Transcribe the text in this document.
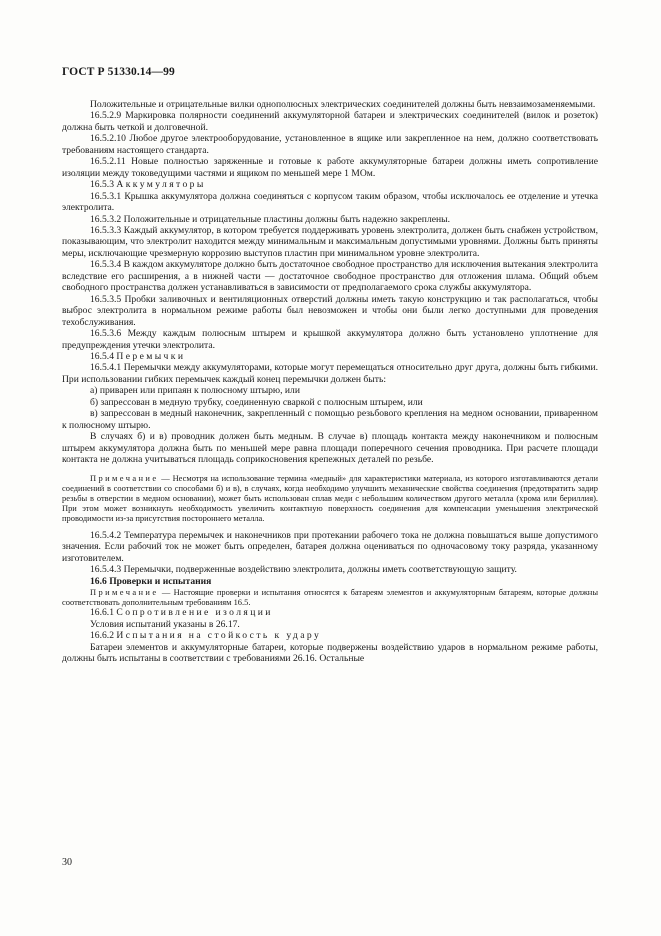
ГОСТ Р 51330.14—99

Положительные и отрицательные вилки однополюсных электрических соединителей должны быть невзаимозаменяемыми.

16.5.2.9 Маркировка полярности соединений аккумуляторной батареи и электрических соединителей (вилок и розеток) должна быть четкой и долговечной.

16.5.2.10 Любое другое электрооборудование, установленное в ящике или закрепленное на нем, должно соответствовать требованиям настоящего стандарта.

16.5.2.11 Новые полностью заряженные и готовые к работе аккумуляторные батареи должны иметь сопротивление изоляции между токоведущими частями и ящиком по меньшей мере 1 МОм.

16.5.3 Аккумуляторы

16.5.3.1 Крышка аккумулятора должна соединяться с корпусом таким образом, чтобы исключалось ее отделение и утечка электролита.

16.5.3.2 Положительные и отрицательные пластины должны быть надежно закреплены.

16.5.3.3 Каждый аккумулятор, в котором требуется поддерживать уровень электролита, должен быть снабжен устройством, показывающим, что электролит находится между минимальным и максимальным допустимыми уровнями. Должны быть приняты меры, исключающие чрезмерную коррозию выступов пластин при минимальном уровне электролита.

16.5.3.4 В каждом аккумуляторе должно быть достаточное свободное пространство для исключения вытекания электролита вследствие его расширения, а в нижней части — достаточное свободное пространство для отложения шлама. Общий объем свободного пространства должен устанавливаться в зависимости от предполагаемого срока службы аккумулятора.

16.5.3.5 Пробки заливочных и вентиляционных отверстий должны иметь такую конструкцию и так располагаться, чтобы выброс электролита в нормальном режиме работы был невозможен и чтобы они были легко доступными для проведения техобслуживания.

16.5.3.6 Между каждым полюсным штырем и крышкой аккумулятора должно быть установлено уплотнение для предупреждения утечки электролита.

16.5.4 Перемычки

16.5.4.1 Перемычки между аккумуляторами, которые могут перемещаться относительно друг друга, должны быть гибкими. При использовании гибких перемычек каждый конец перемычки должен быть:

а) приварен или припаян к полюсному штырю, или

б) запрессован в медную трубку, соединенную сваркой с полюсным штырем, или

в) запрессован в медный наконечник, закрепленный с помощью резьбового крепления на медном основании, приваренном к полюсному штырю.

В случаях б) и в) проводник должен быть медным. В случае в) площадь контакта между наконечником и полюсным штырем аккумулятора должна быть по меньшей мере равна площади поперечного сечения проводника. При расчете площади контакта не должна учитываться площадь соприкосновения крепежных деталей по резьбе.

Примечание — Несмотря на использование термина «медный» для характеристики материала, из которого изготавливаются детали соединений в соответствии со способами б) и в), в случаях, когда необходимо улучшить механические свойства соединения (предотвратить задир резьбы в отверстии в медном основании), может быть использован сплав меди с небольшим количеством другого металла (хрома или бериллия). При этом может возникнуть необходимость увеличить контактную поверхность соединения для компенсации уменьшения электрической проводимости из-за присутствия постороннего металла.

16.5.4.2 Температура перемычек и наконечников при протекании рабочего тока не должна повышаться выше допустимого значения. Если рабочий ток не может быть определен, батарея должна оцениваться по одночасовому току разряда, указанному изготовителем.

16.5.4.3 Перемычки, подверженные воздействию электролита, должны иметь соответствующую защиту.

16.6 Проверки и испытания

Примечание — Настоящие проверки и испытания относятся к батареям элементов и аккумуляторным батареям, которые должны соответствовать дополнительным требованиям 16.5.

16.6.1 Сопротивление изоляции

Условия испытаний указаны в 26.17.

16.6.2 Испытания на стойкость к удару

Батареи элементов и аккумуляторные батареи, которые подвержены воздействию ударов в нормальном режиме работы, должны быть испытаны в соответствии с требованиями 26.16. Остальные

30
